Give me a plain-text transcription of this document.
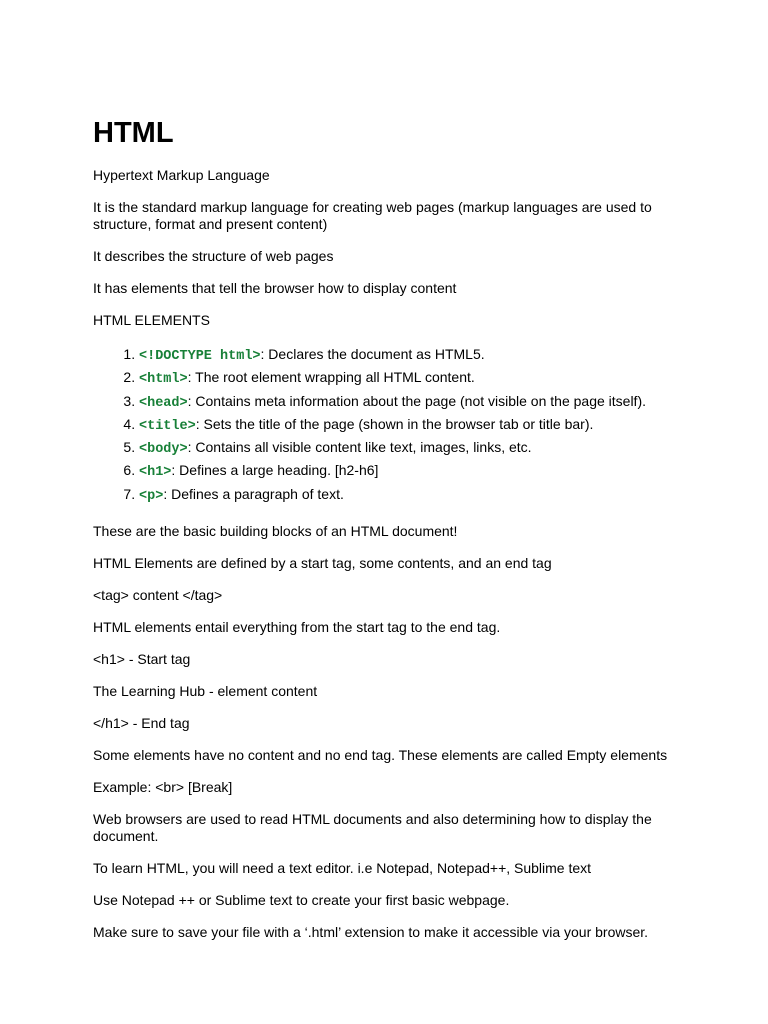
HTML

Hypertext Markup Language

It is the standard markup language for creating web pages (markup languages are used to structure, format and present content)

It describes the structure of web pages

It has elements that tell the browser how to display content

HTML ELEMENTS

1. <!DOCTYPE html>: Declares the document as HTML5.
2. <html>: The root element wrapping all HTML content.
3. <head>: Contains meta information about the page (not visible on the page itself).
4. <title>: Sets the title of the page (shown in the browser tab or title bar).
5. <body>: Contains all visible content like text, images, links, etc.
6. <h1>: Defines a large heading. [h2-h6]
7. <p>: Defines a paragraph of text.

These are the basic building blocks of an HTML document!

HTML Elements are defined by a start tag, some contents, and an end tag

<tag> content </tag>

HTML elements entail everything from the start tag to the end tag.

<h1> - Start tag

The Learning Hub - element content

</h1> - End tag

Some elements have no content and no end tag. These elements are called Empty elements

Example: <br> [Break]

Web browsers are used to read HTML documents and also determining how to display the document.

To learn HTML, you will need a text editor. i.e Notepad, Notepad++, Sublime text

Use Notepad ++ or Sublime text to create your first basic webpage.

Make sure to save your file with a ‘.html’ extension to make it accessible via your browser.
